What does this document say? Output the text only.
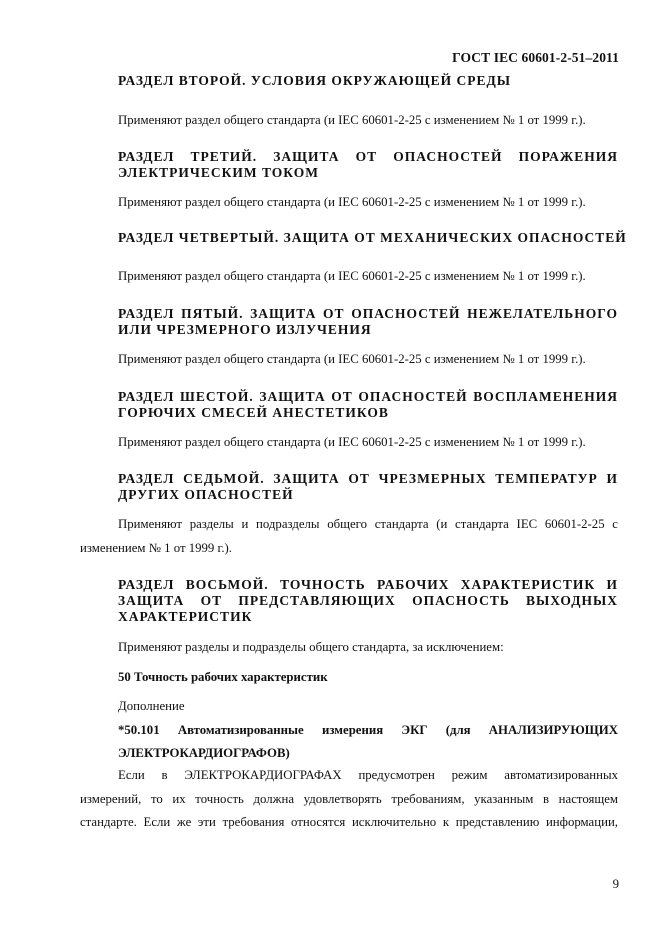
ГОСТ IEC 60601-2-51–2011
РАЗДЕЛ ВТОРОЙ. УСЛОВИЯ ОКРУЖАЮЩЕЙ СРЕДЫ
Применяют раздел общего стандарта (и IEC 60601-2-25 с изменением № 1 от 1999 г.).
РАЗДЕЛ ТРЕТИЙ. ЗАЩИТА ОТ ОПАСНОСТЕЙ ПОРАЖЕНИЯ
ЭЛЕКТРИЧЕСКИМ ТОКОМ
Применяют раздел общего стандарта (и IEC 60601-2-25 с изменением № 1 от 1999 г.).
РАЗДЕЛ ЧЕТВЕРТЫЙ. ЗАЩИТА ОТ МЕХАНИЧЕСКИХ ОПАСНОСТЕЙ
Применяют раздел общего стандарта (и IEC 60601-2-25 с изменением № 1 от 1999 г.).
РАЗДЕЛ ПЯТЫЙ. ЗАЩИТА ОТ ОПАСНОСТЕЙ НЕЖЕЛАТЕЛЬНОГО
ИЛИ ЧРЕЗМЕРНОГО ИЗЛУЧЕНИЯ
Применяют раздел общего стандарта (и IEC 60601-2-25 с изменением № 1 от 1999 г.).
РАЗДЕЛ ШЕСТОЙ. ЗАЩИТА ОТ ОПАСНОСТЕЙ ВОСПЛАМЕНЕНИЯ
ГОРЮЧИХ СМЕСЕЙ АНЕСТЕТИКОВ
Применяют раздел общего стандарта (и IEC 60601-2-25 с изменением № 1 от 1999 г.).
РАЗДЕЛ СЕДЬМОЙ. ЗАЩИТА ОТ ЧРЕЗМЕРНЫХ ТЕМПЕРАТУР И
ДРУГИХ ОПАСНОСТЕЙ
Применяют разделы и подразделы общего стандарта (и стандарта IEC 60601-2-25 с
изменением № 1 от 1999 г.).
РАЗДЕЛ ВОСЬМОЙ. ТОЧНОСТЬ РАБОЧИХ ХАРАКТЕРИСТИК И
ЗАЩИТА ОТ ПРЕДСТАВЛЯЮЩИХ ОПАСНОСТЬ ВЫХОДНЫХ
ХАРАКТЕРИСТИК
Применяют разделы и подразделы общего стандарта, за исключением:
50 Точность рабочих характеристик
Дополнение
*50.101 Автоматизированные измерения ЭКГ (для АНАЛИЗИРУЮЩИХ
ЭЛЕКТРОКАРДИОГРАФОВ)
Если в ЭЛЕКТРОКАРДИОГРАФАХ предусмотрен режим автоматизированных
измерений, то их точность должна удовлетворять требованиям, указанным в настоящем
стандарте. Если же эти требования относятся исключительно к представлению информации,
9
